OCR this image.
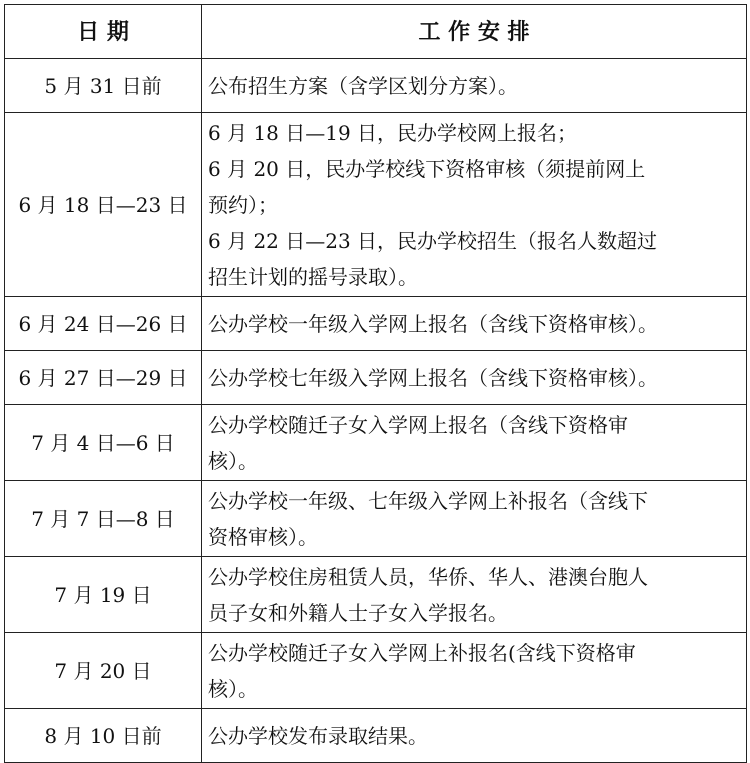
日 期	工 作 安 排
5 月 31 日前	公布招生方案（含学区划分方案）。

6 月 18 日—23 日	6 月 18 日—19 日，民办学校网上报名；
6 月 20 日，民办学校线下资格审核（须提前网上
预约）；
6 月 22 日—23 日，民办学校招生（报名人数超过
招生计划的摇号录取）。

6 月 24 日—26 日	公办学校一年级入学网上报名（含线下资格审核）。

6 月 27 日—29 日	公办学校七年级入学网上报名（含线下资格审核）。

7 月 4 日—6 日	公办学校随迁子女入学网上报名（含线下资格审
核）。

7 月 7 日—8 日	公办学校一年级、七年级入学网上补报名（含线下
资格审核）。

7 月 19 日	公办学校住房租赁人员，华侨、华人、港澳台胞人
员子女和外籍人士子女入学报名。

7 月 20 日	公办学校随迁子女入学网上补报名(含线下资格审
核）。

8 月 10 日前	公办学校发布录取结果。
